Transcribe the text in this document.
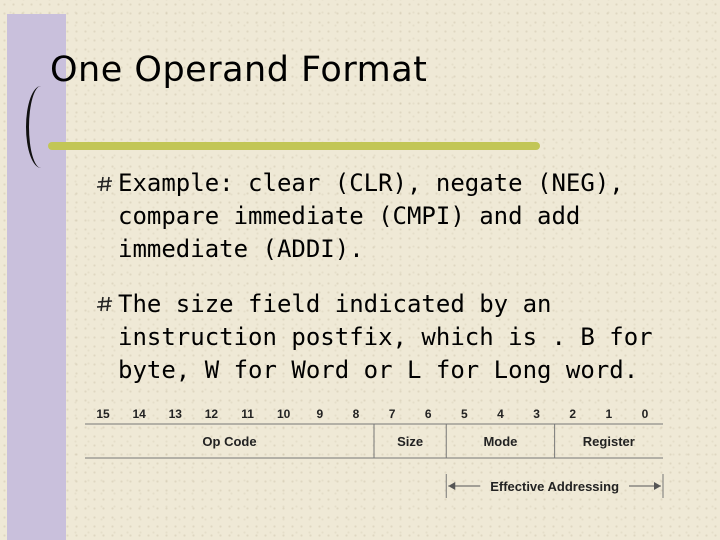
One Operand Format

Example: clear (CLR), negate (NEG), compare immediate (CMPI) and add immediate (ADDI).

The size field indicated by an instruction postfix, which is . B for byte, W for Word or L for Long word.

15 14 13 12 11 10 9 8 7 6 5 4 3 2 1 0
Op Code	Size	Mode	Register
Effective Addressing
